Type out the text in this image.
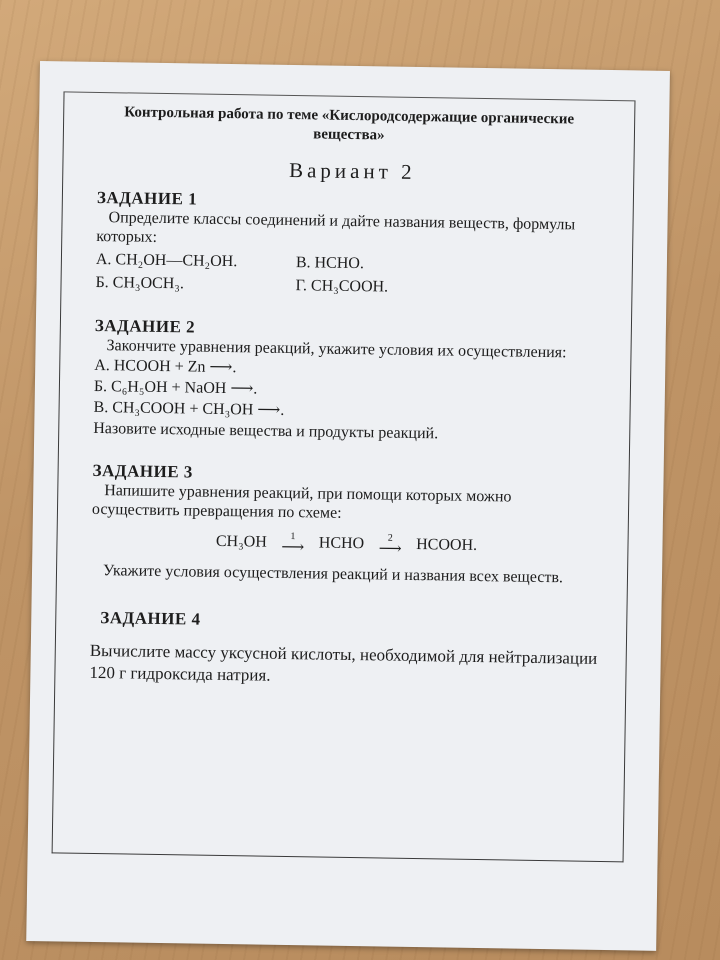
Контрольная работа по теме «Кислородсодержащие органические вещества»
Вариант 2
ЗАДАНИЕ 1
Определите классы соединений и дайте названия веществ, формулы которых:
А. CH₂OH—CH₂OH.	В. HCHO.
Б. CH₃OCH₃.	Г. CH₃COOH.
ЗАДАНИЕ 2
Закончите уравнения реакций, укажите условия их осуществления:
А. HCOOH + Zn ⟶.
Б. C₆H₅OH + NaOH ⟶.
В. CH₃COOH + CH₃OH ⟶.
Назовите исходные вещества и продукты реакций.
ЗАДАНИЕ 3
Напишите уравнения реакций, при помощи которых можно осуществить превращения по схеме:
CH₃OH 1
⟶ HCHO 2
⟶ HCOOH.
Укажите условия осуществления реакций и названия всех веществ.
ЗАДАНИЕ 4
Вычислите массу уксусной кислоты, необходимой для нейтрализации 120 г гидроксида натрия.
